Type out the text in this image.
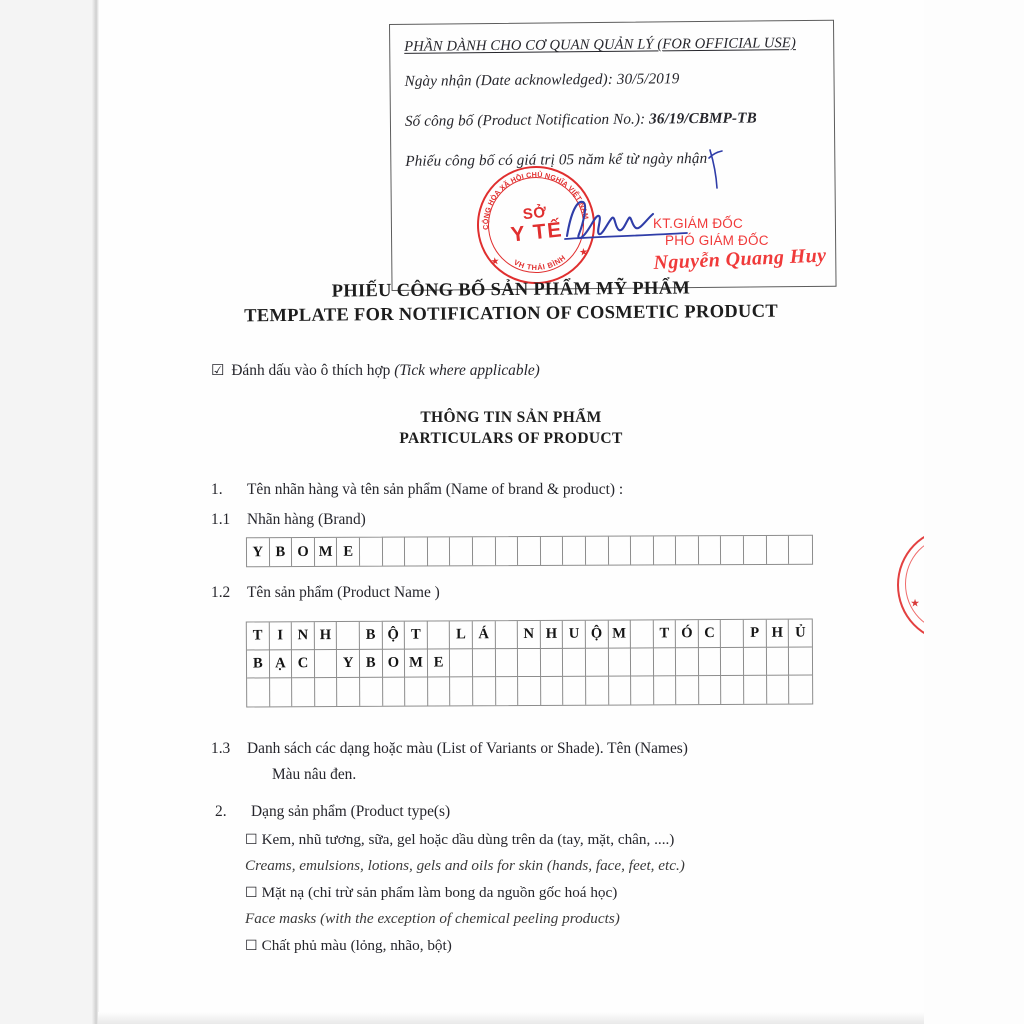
PHẦN DÀNH CHO CƠ QUAN QUẢN LÝ (FOR OFFICIAL USE)
Ngày nhận (Date acknowledged): 30/5/2019
Số công bố (Product Notification No.): 36/19/CBMP-TB
Phiếu công bố có giá trị 05 năm kể từ ngày nhận
CỘNG HÒA XÃ HỘI CHỦ NGHĨA VIỆT NAM
VH THÁI BÌNH
SỞ
Y TẾ
★
★
KT.GIÁM ĐỐC
PHÓ GIÁM ĐỐC
Nguyễn Quang Huy
PHIẾU CÔNG BỐ SẢN PHẨM MỸ PHẨM
TEMPLATE FOR NOTIFICATION OF COSMETIC PRODUCT
☑ Đánh dấu vào ô thích hợp (Tick where applicable)
THÔNG TIN SẢN PHẨM
PARTICULARS OF PRODUCT
1. Tên nhãn hàng và tên sản phẩm (Name of brand & product) :
1.1 Nhãn hàng (Brand)
Y B O M E
1.2 Tên sản phẩm (Product Name )
T	I N H	B Ộ T	L Á	N H U Ộ M	T Ó C	P H Ủ
B Ạ C	Y B O M E
1.3 Danh sách các dạng hoặc màu (List of Variants or Shade). Tên (Names)
Màu nâu đen.
2. Dạng sản phẩm (Product type(s)
☐ Kem, nhũ tương, sữa, gel hoặc dầu dùng trên da (tay, mặt, chân, ....)
Creams, emulsions, lotions, gels and oils for skin (hands, face, feet, etc.)
☐ Mặt nạ (chỉ trừ sản phẩm làm bong da nguồn gốc hoá học)
Face masks (with the exception of chemical peeling products)
☐ Chất phủ màu (lỏng, nhão, bột)
★
